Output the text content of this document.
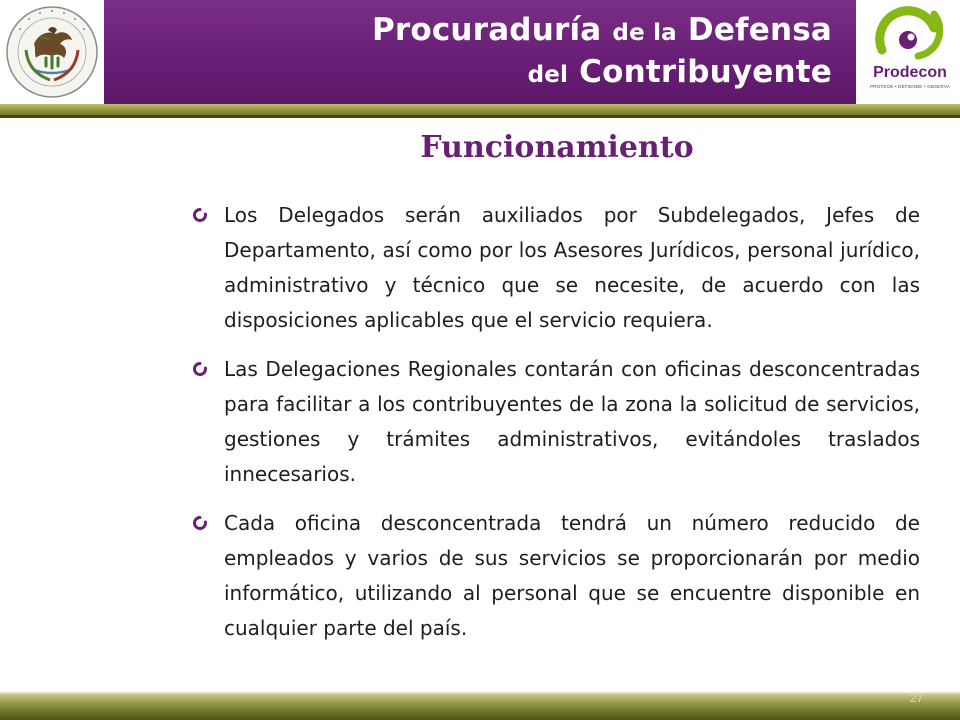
Procuraduría de la Defensa
del Contribuyente	Prodecon
PROTEGE • DEFIENDE • OBSERVA
Funcionamiento
Los Delegados serán auxiliados por Subdelegados, Jefes de Departamento, así como por los Asesores Jurídicos, personal jurídico, administrativo y técnico que se necesite, de acuerdo con las disposiciones aplicables que el servicio requiera.
Las Delegaciones Regionales contarán con oficinas desconcentradas para facilitar a los contribuyentes de la zona la solicitud de servicios, gestiones y trámites administrativos, evitándoles traslados innecesarios.
Cada oficina desconcentrada tendrá un número reducido de empleados y varios de sus servicios se proporcionarán por medio informático, utilizando al personal que se encuentre disponible en cualquier parte del país.
27
